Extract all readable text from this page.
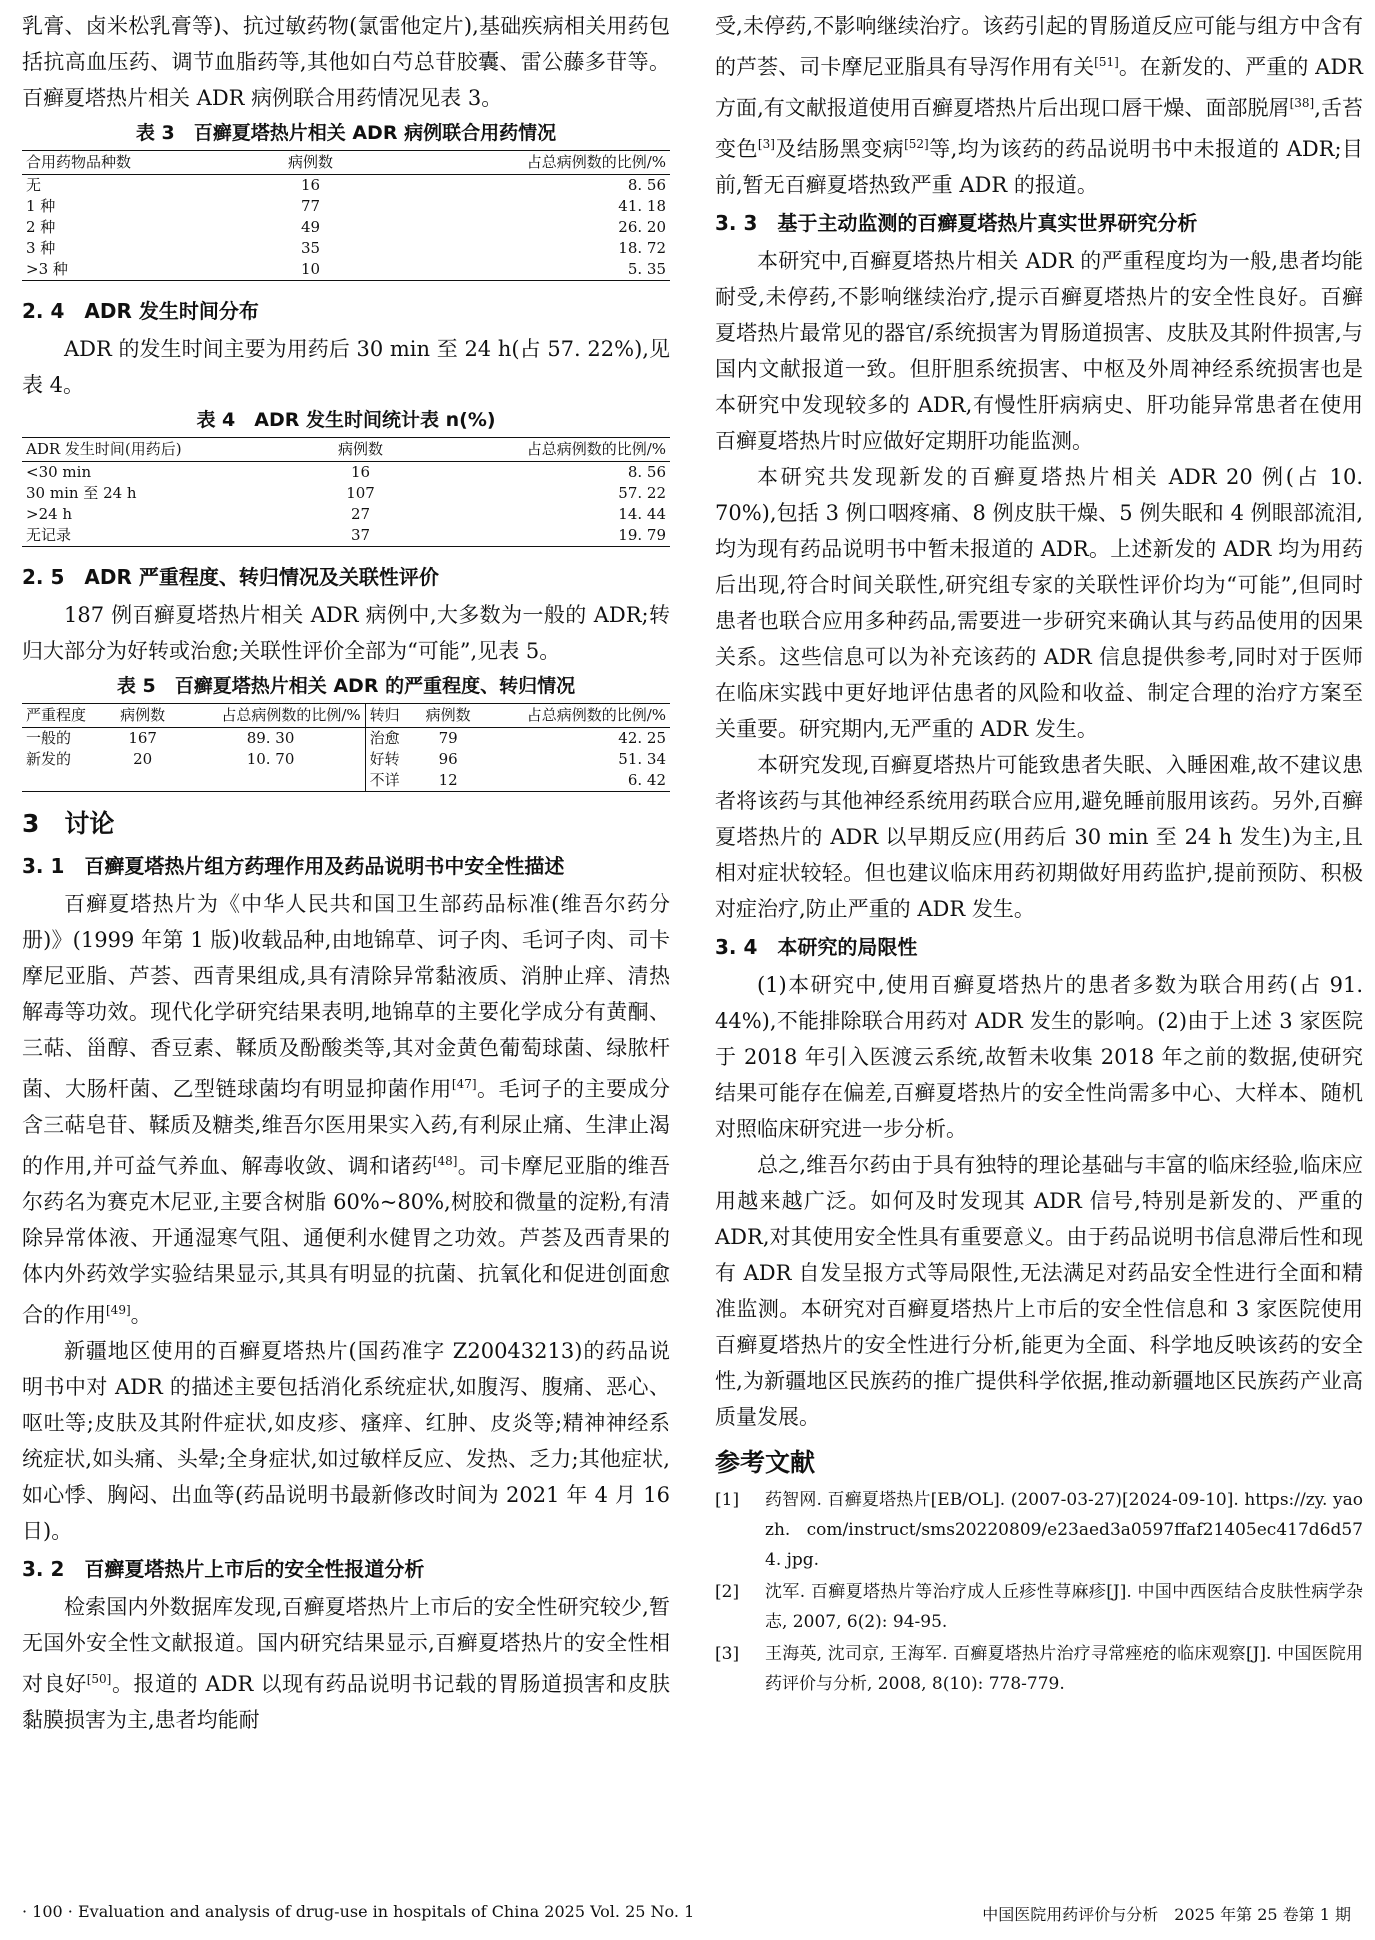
乳膏、卤米松乳膏等)、抗过敏药物(氯雷他定片),基础疾病相关用药包括抗高血压药、调节血脂药等,其他如白芍总苷胶囊、雷公藤多苷等。百癣夏塔热片相关 ADR 病例联合用药情况见表 3。

表 3　百癣夏塔热片相关 ADR 病例联合用药情况
合用药物品种数	病例数	占总病例数的比例/%
无	16	8. 56
1 种	77	41. 18
2 种	49	26. 20
3 种	35	18. 72
>3 种	10	5. 35
2. 4　ADR 发生时间分布

ADR 的发生时间主要为用药后 30 min 至 24 h(占 57. 22%),见表 4。

表 4　ADR 发生时间统计表 n(%)
ADR 发生时间(用药后)	病例数	占总病例数的比例/%
<30 min	16	8. 56
30 min 至 24 h	107	57. 22
>24 h	27	14. 44
无记录	37	19. 79
2. 5　ADR 严重程度、转归情况及关联性评价

187 例百癣夏塔热片相关 ADR 病例中,大多数为一般的 ADR;转归大部分为好转或治愈;关联性评价全部为“可能”,见表 5。

表 5　百癣夏塔热片相关 ADR 的严重程度、转归情况
严重程度	病例数	占总病例数的比例/%	转归	病例数	占总病例数的比例/%
一般的	167	89. 30	治愈	79	42. 25
新发的	20	10. 70	好转	96	51. 34
			不详	12	6. 42
3　讨论
3. 1　百癣夏塔热片组方药理作用及药品说明书中安全性描述

百癣夏塔热片为《中华人民共和国卫生部药品标准(维吾尔药分册)》(1999 年第 1 版)收载品种,由地锦草、诃子肉、毛诃子肉、司卡摩尼亚脂、芦荟、西青果组成,具有清除异常黏液质、消肿止痒、清热解毒等功效。现代化学研究结果表明,地锦草的主要化学成分有黄酮、三萜、甾醇、香豆素、鞣质及酚酸类等,其对金黄色葡萄球菌、绿脓杆菌、大肠杆菌、乙型链球菌均有明显抑菌作用[47]。毛诃子的主要成分含三萜皂苷、鞣质及糖类,维吾尔医用果实入药,有利尿止痛、生津止渴的作用,并可益气养血、解毒收敛、调和诸药[48]。司卡摩尼亚脂的维吾尔药名为赛克木尼亚,主要含树脂 60%~80%,树胶和微量的淀粉,有清除异常体液、开通湿寒气阻、通便利水健胃之功效。芦荟及西青果的体内外药效学实验结果显示,其具有明显的抗菌、抗氧化和促进创面愈合的作用[49]。

新疆地区使用的百癣夏塔热片(国药准字 Z20043213)的药品说明书中对 ADR 的描述主要包括消化系统症状,如腹泻、腹痛、恶心、呕吐等;皮肤及其附件症状,如皮疹、瘙痒、红肿、皮炎等;精神神经系统症状,如头痛、头晕;全身症状,如过敏样反应、发热、乏力;其他症状,如心悸、胸闷、出血等(药品说明书最新修改时间为 2021 年 4 月 16 日)。

3. 2　百癣夏塔热片上市后的安全性报道分析

检索国内外数据库发现,百癣夏塔热片上市后的安全性研究较少,暂无国外安全性文献报道。国内研究结果显示,百癣夏塔热片的安全性相对良好[50]。报道的 ADR 以现有药品说明书记载的胃肠道损害和皮肤黏膜损害为主,患者均能耐

受,未停药,不影响继续治疗。该药引起的胃肠道反应可能与组方中含有的芦荟、司卡摩尼亚脂具有导泻作用有关[51]。在新发的、严重的 ADR 方面,有文献报道使用百癣夏塔热片后出现口唇干燥、面部脱屑[38],舌苔变色[3]及结肠黑变病[52]等,均为该药的药品说明书中未报道的 ADR;目前,暂无百癣夏塔热致严重 ADR 的报道。

3. 3　基于主动监测的百癣夏塔热片真实世界研究分析

本研究中,百癣夏塔热片相关 ADR 的严重程度均为一般,患者均能耐受,未停药,不影响继续治疗,提示百癣夏塔热片的安全性良好。百癣夏塔热片最常见的器官/系统损害为胃肠道损害、皮肤及其附件损害,与国内文献报道一致。但肝胆系统损害、中枢及外周神经系统损害也是本研究中发现较多的 ADR,有慢性肝病病史、肝功能异常患者在使用百癣夏塔热片时应做好定期肝功能监测。

本研究共发现新发的百癣夏塔热片相关 ADR 20 例(占 10. 70%),包括 3 例口咽疼痛、8 例皮肤干燥、5 例失眠和 4 例眼部流泪,均为现有药品说明书中暂未报道的 ADR。上述新发的 ADR 均为用药后出现,符合时间关联性,研究组专家的关联性评价均为“可能”,但同时患者也联合应用多种药品,需要进一步研究来确认其与药品使用的因果关系。这些信息可以为补充该药的 ADR 信息提供参考,同时对于医师在临床实践中更好地评估患者的风险和收益、制定合理的治疗方案至关重要。研究期内,无严重的 ADR 发生。

本研究发现,百癣夏塔热片可能致患者失眠、入睡困难,故不建议患者将该药与其他神经系统用药联合应用,避免睡前服用该药。另外,百癣夏塔热片的 ADR 以早期反应(用药后 30 min 至 24 h 发生)为主,且相对症状较轻。但也建议临床用药初期做好用药监护,提前预防、积极对症治疗,防止严重的 ADR 发生。

3. 4　本研究的局限性

(1)本研究中,使用百癣夏塔热片的患者多数为联合用药(占 91. 44%),不能排除联合用药对 ADR 发生的影响。(2)由于上述 3 家医院于 2018 年引入医渡云系统,故暂未收集 2018 年之前的数据,使研究结果可能存在偏差,百癣夏塔热片的安全性尚需多中心、大样本、随机对照临床研究进一步分析。

总之,维吾尔药由于具有独特的理论基础与丰富的临床经验,临床应用越来越广泛。如何及时发现其 ADR 信号,特别是新发的、严重的 ADR,对其使用安全性具有重要意义。由于药品说明书信息滞后性和现有 ADR 自发呈报方式等局限性,无法满足对药品安全性进行全面和精准监测。本研究对百癣夏塔热片上市后的安全性信息和 3 家医院使用百癣夏塔热片的安全性进行分析,能更为全面、科学地反映该药的安全性,为新疆地区民族药的推广提供科学依据,推动新疆地区民族药产业高质量发展。

参考文献
[1]	药智网. 百癣夏塔热片[EB/OL]. (2007-03-27)[2024-09-10]. https://zy. yaozh. com/instruct/sms20220809/e23aed3a0597ffaf21405ec417d6d574. jpg.
[2]	沈军. 百癣夏塔热片等治疗成人丘疹性荨麻疹[J]. 中国中西医结合皮肤性病学杂志, 2007, 6(2): 94-95.
[3]	王海英, 沈司京, 王海军. 百癣夏塔热片治疗寻常痤疮的临床观察[J]. 中国医院用药评价与分析, 2008, 8(10): 778-779.
· 100 · Evaluation and analysis of drug-use in hospitals of China 2025 Vol. 25 No. 1	中国医院用药评价与分析　2025 年第 25 卷第 1 期
